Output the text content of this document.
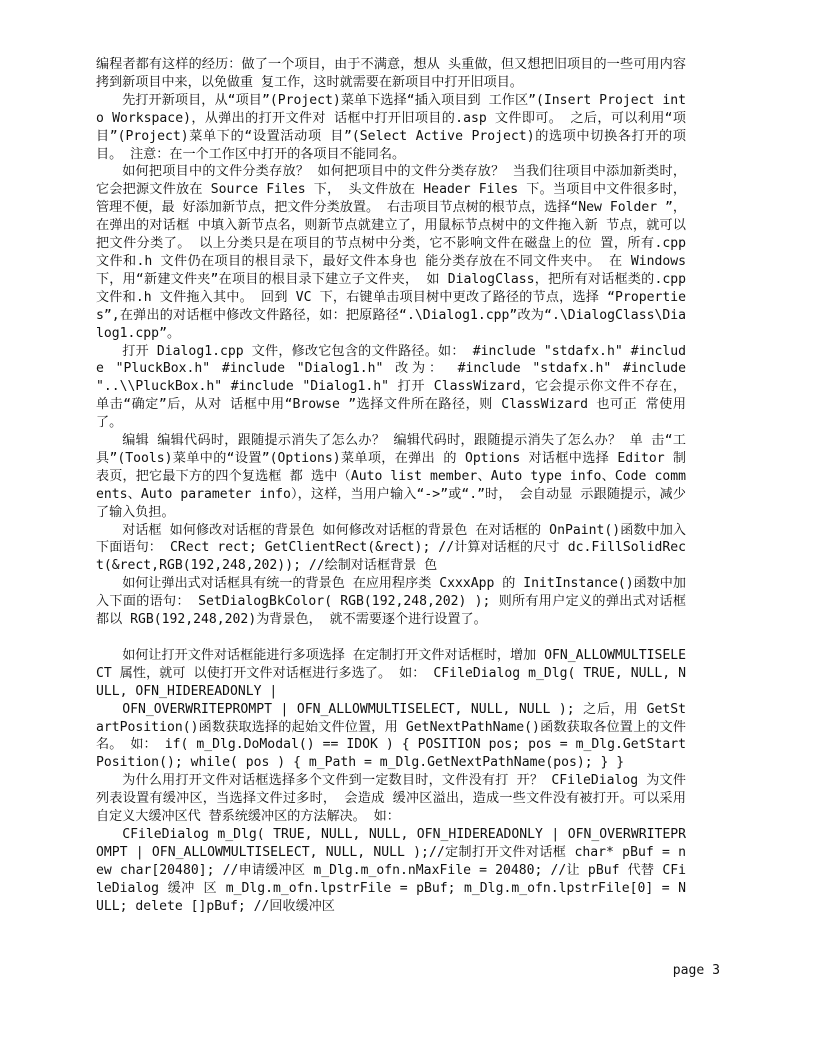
编程者都有这样的经历：做了一个项目，由于不满意，想从 头重做，但又想把旧项目的一些可用内容拷到新项目中来，以免做重 复工作，这时就需要在新项目中打开旧项目。

先打开新项目，从“项目”(Project)菜单下选择“插入项目到 工作区”(Insert Project into Workspace)，从弹出的打开文件对 话框中打开旧项目的.asp 文件即可。 之后，可以利用“项目”(Project)菜单下的“设置活动项 目”(Select Active Project)的选项中切换各打开的项目。 注意：在一个工作区中打开的各项目不能同名。

如何把项目中的文件分类存放？ 如何把项目中的文件分类存放？ 当我们往项目中添加新类时，它会把源文件放在 Source Files 下， 头文件放在 Header Files 下。当项目中文件很多时，管理不便，最 好添加新节点，把文件分类放置。 右击项目节点树的根节点，选择“New Folder ”，在弹出的对话框 中填入新节点名，则新节点就建立了，用鼠标节点树中的文件拖入新 节点，就可以把文件分类了。 以上分类只是在项目的节点树中分类，它不影响文件在磁盘上的位 置，所有.cpp 文件和.h 文件仍在项目的根目录下，最好文件本身也 能分类存放在不同文件夹中。 在 Windows 下，用“新建文件夹”在项目的根目录下建立子文件夹， 如 DialogClass，把所有对话框类的.cpp 文件和.h 文件拖入其中。 回到 VC 下，右键单击项目树中更改了路径的节点，选择 “Properties”,在弹出的对话框中修改文件路径，如：把原路径“.\Dialog1.cpp”改为“.\DialogClass\Dialog1.cpp”。

打开 Dialog1.cpp 文件，修改它包含的文件路径。如： #include "stdafx.h" #include "PluckBox.h" #include "Dialog1.h" 改为： #include "stdafx.h" #include "..\\PluckBox.h" #include "Dialog1.h" 打开 ClassWizard，它会提示你文件不存在，单击“确定”后，从对 话框中用“Browse ”选择文件所在路径，则 ClassWizard 也可正 常使用了。

编辑 编辑代码时，跟随提示消失了怎么办？ 编辑代码时，跟随提示消失了怎么办？ 单 击“工具”(Tools)菜单中的“设置”(Options)菜单项，在弹出 的 Options 对话框中选择 Editor 制表页，把它最下方的四个复选框 都 选中（Auto list member、Auto type info、Code comments、Auto parameter info），这样，当用户输入“->”或“.”时， 会自动显 示跟随提示，减少了输入负担。

对话框 如何修改对话框的背景色 如何修改对话框的背景色 在对话框的 OnPaint()函数中加入下面语句： CRect rect; GetClientRect(&rect); //计算对话框的尺寸 dc.FillSolidRect(&rect,RGB(192,248,202)); //绘制对话框背景 色

如何让弹出式对话框具有统一的背景色 在应用程序类 CxxxApp 的 InitInstance()函数中加入下面的语句： SetDialogBkColor( RGB(192,248,202) ); 则所有用户定义的弹出式对话框都以 RGB(192,248,202)为背景色， 就不需要逐个进行设置了。

如何让打开文件对话框能进行多项选择 在定制打开文件对话框时，增加 OFN_ALLOWMULTISELECT 属性，就可 以使打开文件对话框进行多选了。 如： CFileDialog m_Dlg( TRUE, NULL, NULL, OFN_HIDEREADONLY |

OFN_OVERWRITEPROMPT | OFN_ALLOWMULTISELECT, NULL, NULL ); 之后，用 GetStartPosition()函数获取选择的起始文件位置，用 GetNextPathName()函数获取各位置上的文件名。 如： if( m_Dlg.DoModal() == IDOK ) { POSITION pos; pos = m_Dlg.GetStartPosition(); while( pos ) { m_Path = m_Dlg.GetNextPathName(pos); } }

为什么用打开文件对话框选择多个文件到一定数目时，文件没有打 开？ CFileDialog 为文件列表设置有缓冲区，当选择文件过多时， 会造成 缓冲区溢出，造成一些文件没有被打开。可以采用自定义大缓冲区代 替系统缓冲区的方法解决。 如：

CFileDialog m_Dlg( TRUE, NULL, NULL, OFN_HIDEREADONLY | OFN_OVERWRITEPROMPT | OFN_ALLOWMULTISELECT, NULL, NULL );//定制打开文件对话框 char* pBuf = new char[20480]; //申请缓冲区 m_Dlg.m_ofn.nMaxFile = 20480; //让 pBuf 代替 CFileDialog 缓冲 区 m_Dlg.m_ofn.lpstrFile = pBuf; m_Dlg.m_ofn.lpstrFile[0] = NULL; delete []pBuf; //回收缓冲区

page 3
